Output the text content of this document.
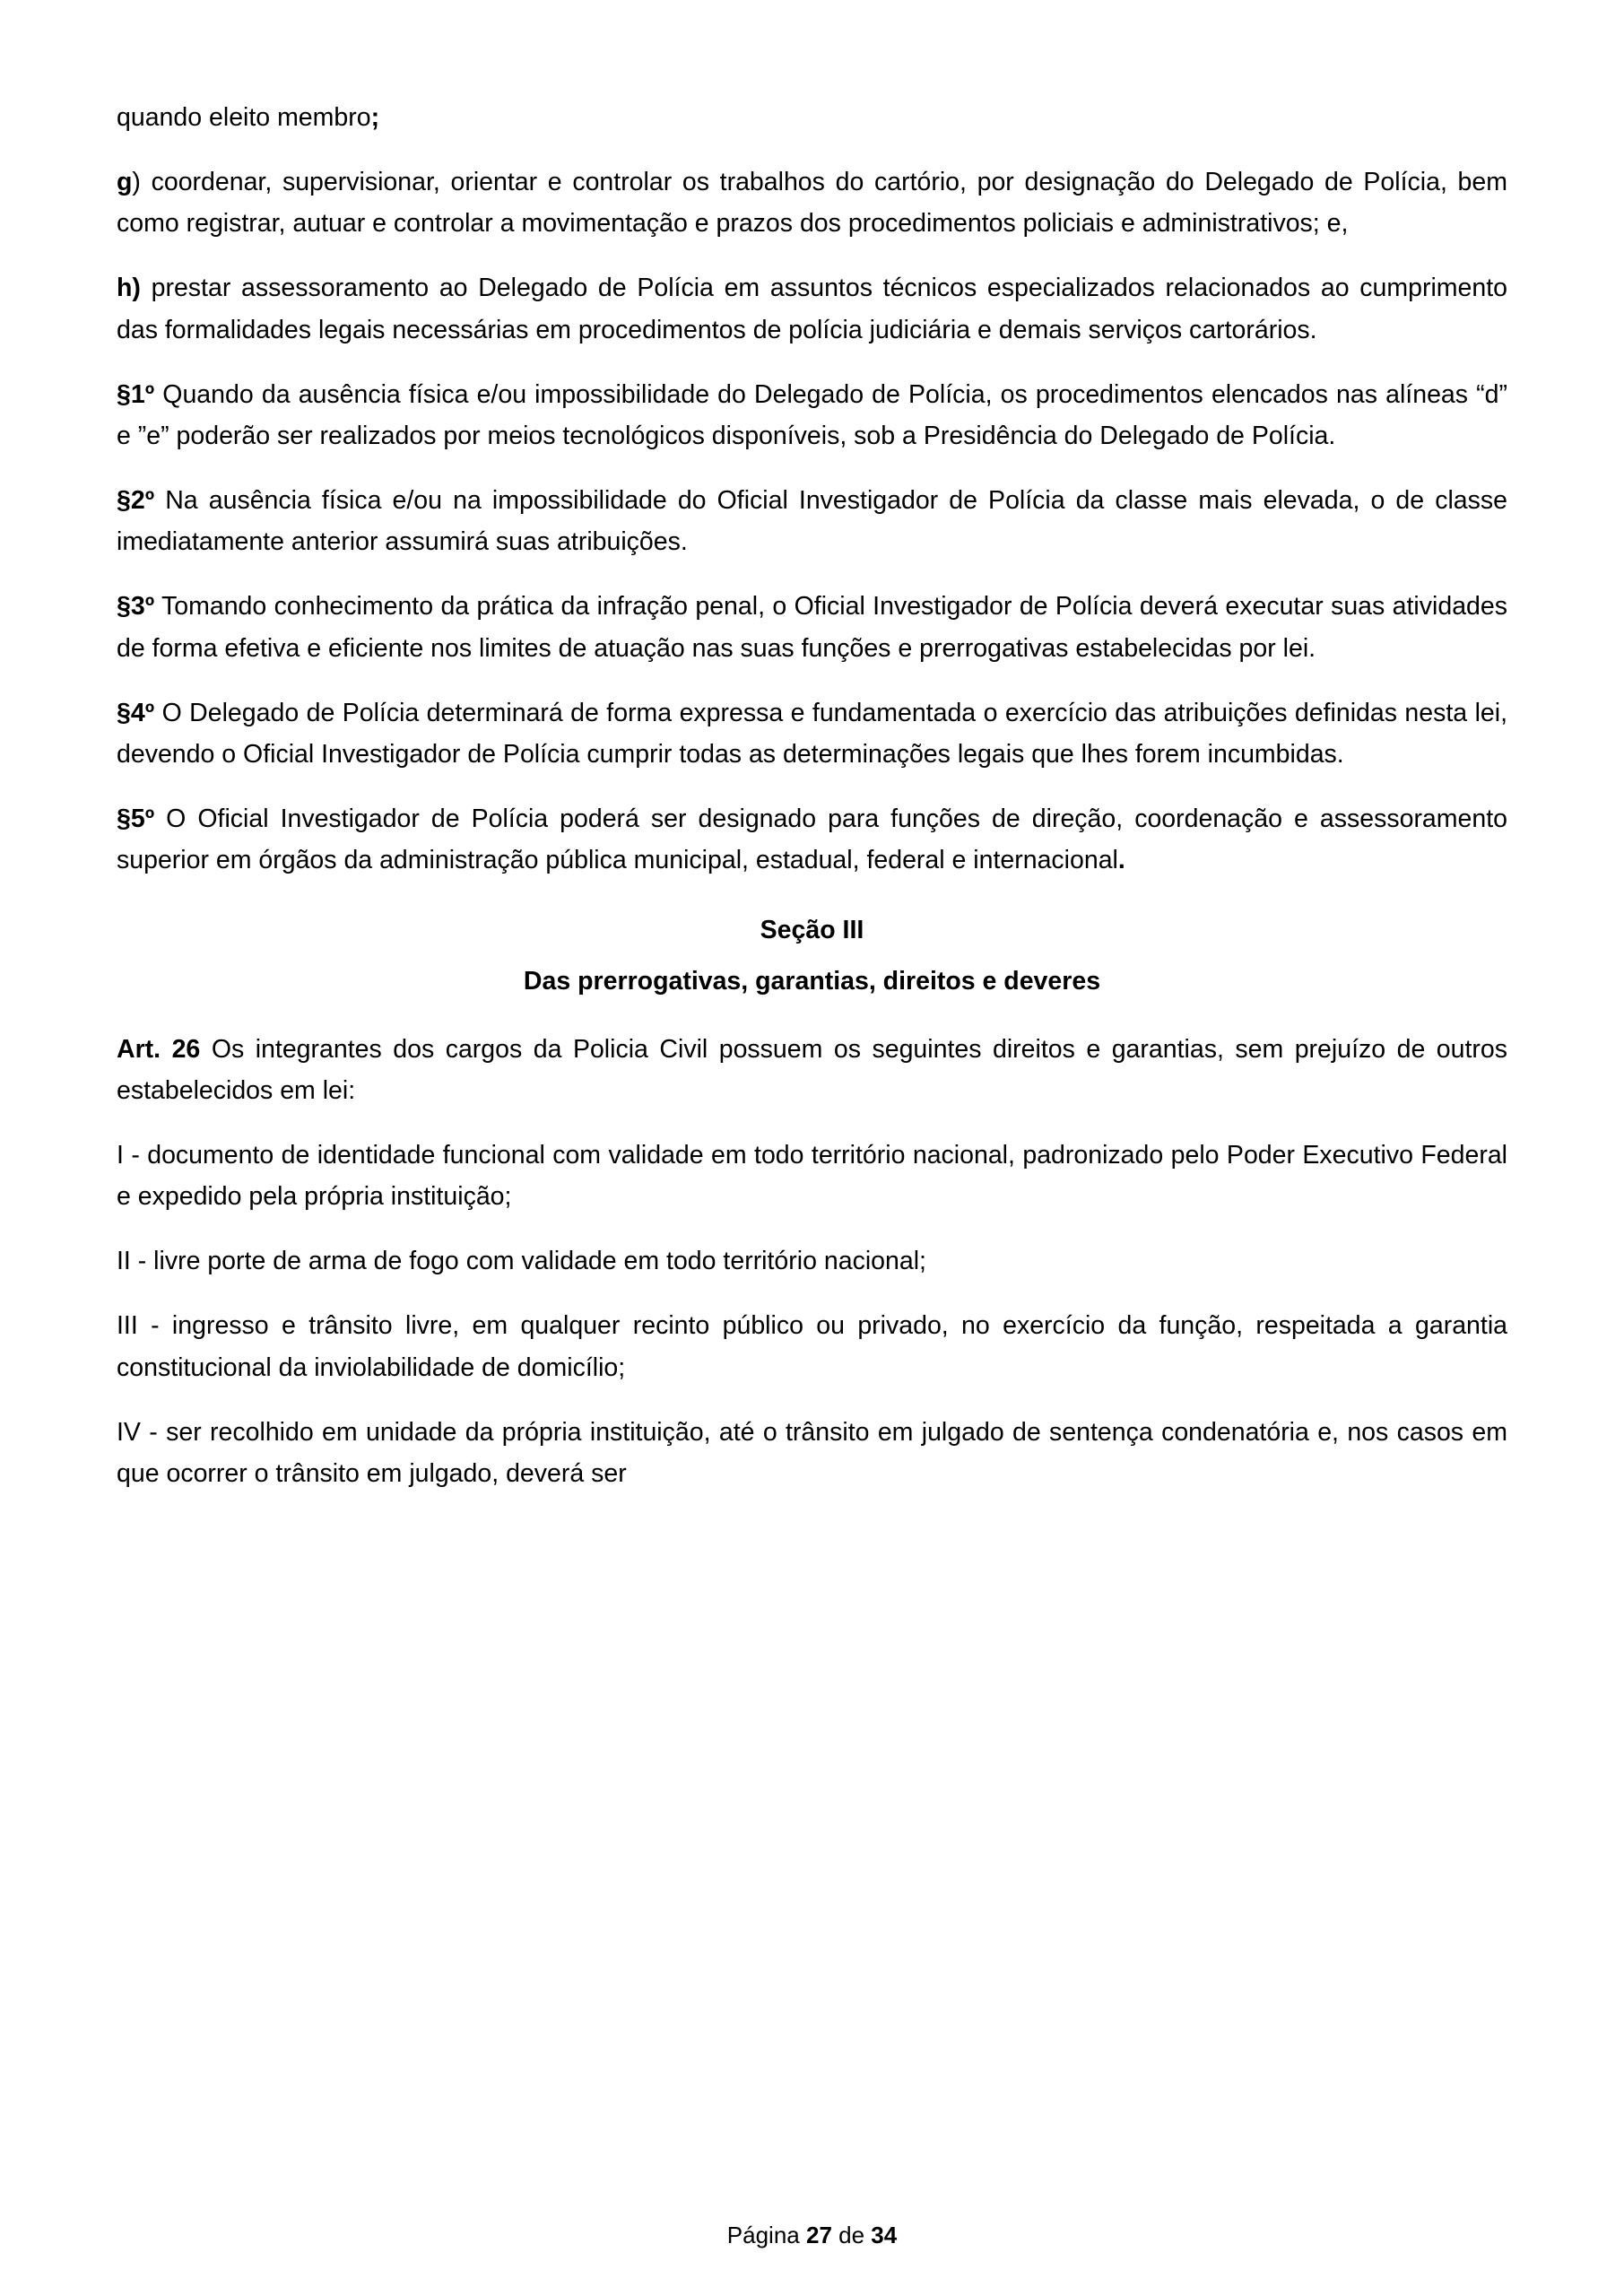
quando eleito membro;

g) coordenar, supervisionar, orientar e controlar os trabalhos do cartório, por designação do Delegado de Polícia, bem como registrar, autuar e controlar a movimentação e prazos dos procedimentos policiais e administrativos; e,

h) prestar assessoramento ao Delegado de Polícia em assuntos técnicos especializados relacionados ao cumprimento das formalidades legais necessárias em procedimentos de polícia judiciária e demais serviços cartorários.

§1º Quando da ausência física e/ou impossibilidade do Delegado de Polícia, os procedimentos elencados nas alíneas “d” e ”e” poderão ser realizados por meios tecnológicos disponíveis, sob a Presidência do Delegado de Polícia.

§2º Na ausência física e/ou na impossibilidade do Oficial Investigador de Polícia da classe mais elevada, o de classe imediatamente anterior assumirá suas atribuições.

§3º Tomando conhecimento da prática da infração penal, o Oficial Investigador de Polícia deverá executar suas atividades de forma efetiva e eficiente nos limites de atuação nas suas funções e prerrogativas estabelecidas por lei.

§4º O Delegado de Polícia determinará de forma expressa e fundamentada o exercício das atribuições definidas nesta lei, devendo o Oficial Investigador de Polícia cumprir todas as determinações legais que lhes forem incumbidas.

§5º O Oficial Investigador de Polícia poderá ser designado para funções de direção, coordenação e assessoramento superior em órgãos da administração pública municipal, estadual, federal e internacional.

Seção III

Das prerrogativas, garantias, direitos e deveres

Art. 26 Os integrantes dos cargos da Policia Civil possuem os seguintes direitos e garantias, sem prejuízo de outros estabelecidos em lei:

I - documento de identidade funcional com validade em todo território nacional, padronizado pelo Poder Executivo Federal e expedido pela própria instituição;

II - livre porte de arma de fogo com validade em todo território nacional;

III - ingresso e trânsito livre, em qualquer recinto público ou privado, no exercício da função, respeitada a garantia constitucional da inviolabilidade de domicílio;

IV - ser recolhido em unidade da própria instituição, até o trânsito em julgado de sentença condenatória e, nos casos em que ocorrer o trânsito em julgado, deverá ser

Página 27 de 34
